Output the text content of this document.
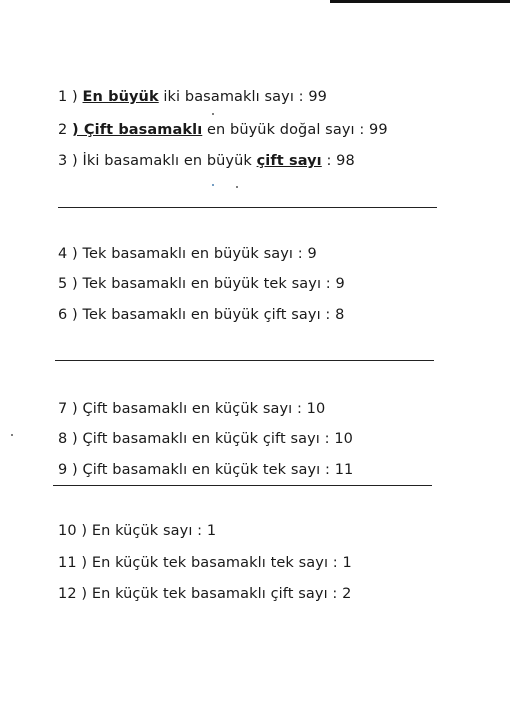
1 ) En büyük iki basamaklı sayı : 99
2 ) Çift basamaklı en büyük doğal sayı : 99
3 ) İki basamaklı en büyük çift sayı : 98
4 ) Tek basamaklı en büyük sayı : 9
5 ) Tek basamaklı en büyük tek sayı : 9
6 ) Tek basamaklı en büyük çift sayı : 8
7 ) Çift basamaklı en küçük sayı : 10
8 ) Çift basamaklı en küçük çift sayı : 10
9 ) Çift basamaklı en küçük tek sayı : 11
10 ) En küçük sayı : 1
11 ) En küçük tek basamaklı tek sayı : 1
12 ) En küçük tek basamaklı çift sayı : 2
